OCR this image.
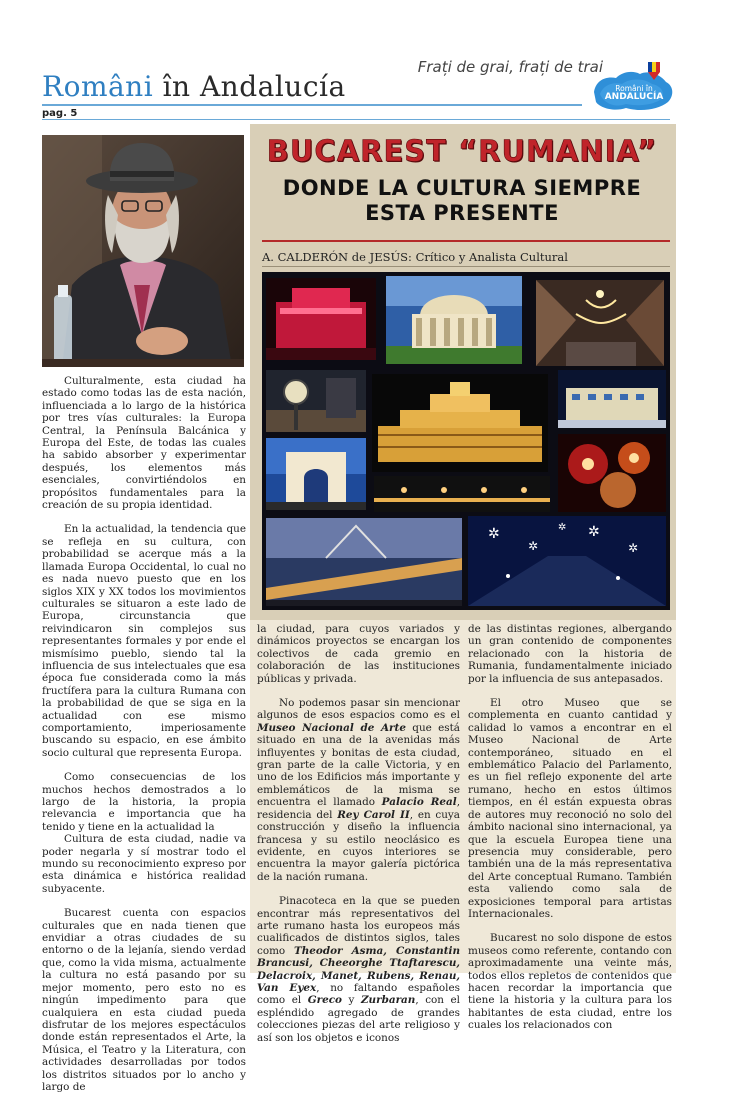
Români în Andalucía
Frați de grai, frați de trai
pag. 5
Români în
ANDALUCÍA
BUCAREST “RUMANIA”
DONDE LA CULTURA SIEMPRE
ESTA PRESENTE
A. CALDERÓN de JESÚS: Crítico y Analista Cultural
✲
✲
✲
✲
✲

Culturalmente, esta ciudad ha estado como todas las de esta nación, influenciada a lo largo de la histórica por tres vías culturales: la Europa Central, la Península Balcánica y Europa del Este, de todas las cuales ha sabido absorber y experimentar después, los elementos más esenciales, convirtiéndolos en propósitos fundamentales para la creación de su propia identidad.

En la actualidad, la tendencia que se refleja en su cultura, con probabilidad se acerque más a la llamada Europa Occidental, lo cual no es nada nuevo puesto que en los siglos XIX y XX todos los movimientos culturales se situaron a este lado de Europa, circunstancia que reivindicaron sin complejos sus representantes formales y por ende el mismísimo pueblo, siendo tal la influencia de sus intelectuales que esa época fue considerada como la más fructífera para la cultura Rumana con la probabilidad de que se siga en la actualidad con ese mismo comportamiento, imperiosamente buscando su espacio, en ese ámbito socio cultural que representa Europa.

Como consecuencias de los muchos hechos demostrados a lo largo de la historia, la propia relevancia e importancia que ha tenido y tiene en la actualidad la

Cultura de esta ciudad, nadie va poder negarla y sí mostrar todo el mundo su reconocimiento expreso por esta dinámica e histórica realidad subyacente.

Bucarest cuenta con espacios culturales que en nada tienen que envidiar a otras ciudades de su entorno o de la lejanía, siendo verdad que, como la vida misma, actualmente la cultura no está pasando por su mejor momento, pero esto no es ningún impedimento para que cualquiera en esta ciudad pueda disfrutar de los mejores espectáculos donde están representados el Arte, la Música, el Teatro y la Literatura, con actividades desarrolladas por todos los distritos situados por lo ancho y largo de

la ciudad, para cuyos variados y dinámicos proyectos se encargan los colectivos de cada gremio en colaboración de las instituciones públicas y privada.

No podemos pasar sin mencionar algunos de esos espacios como es el Museo Nacional de Arte que está situado en una de la avenidas más influyentes y bonitas de esta ciudad, gran parte de la calle Victoria, y en uno de los Edificios más importante y emblemáticos de la misma se encuentra el llamado Palacio Real, residencia del Rey Carol II, en cuya construcción y diseño la influencia francesa y su estilo neoclásico es evidente, en cuyos interiores se encuentra la mayor galería pictórica de la nación rumana.

Pinacoteca en la que se pueden encontrar más representativos del arte rumano hasta los europeos más cualificados de distintos siglos, tales como Theodor Asma, Constantin Brancusi, Cheeorghe Ttaftarescu, Delacroix, Manet, Rubens, Renau, Van Eyex, no faltando españoles como el Greco y Zurbaran, con el espléndido agregado de grandes colecciones piezas del arte religioso y así son los objetos e iconos

de las distintas regiones, albergando un gran contenido de componentes relacionado con la historia de Rumania, fundamentalmente iniciado por la influencia de sus antepasados.

El otro Museo que se complementa en cuanto cantidad y calidad lo vamos a encontrar en el Museo Nacional de Arte contemporáneo, situado en el emblemático Palacio del Parlamento, es un fiel reflejo exponente del arte rumano, hecho en estos últimos tiempos, en él están expuesta obras de autores muy reconoció no solo del ámbito nacional sino internacional, ya que la escuela Europea tiene una presencia muy considerable, pero también una de la más representativa del Arte conceptual Rumano. También esta valiendo como sala de exposiciones temporal para artistas Internacionales.

Bucarest no solo dispone de estos museos como referente, contando con aproximadamente una veinte más, todos ellos repletos de contenidos que hacen recordar la importancia que tiene la historia y la cultura para los habitantes de esta ciudad, entre los cuales los relacionados con
